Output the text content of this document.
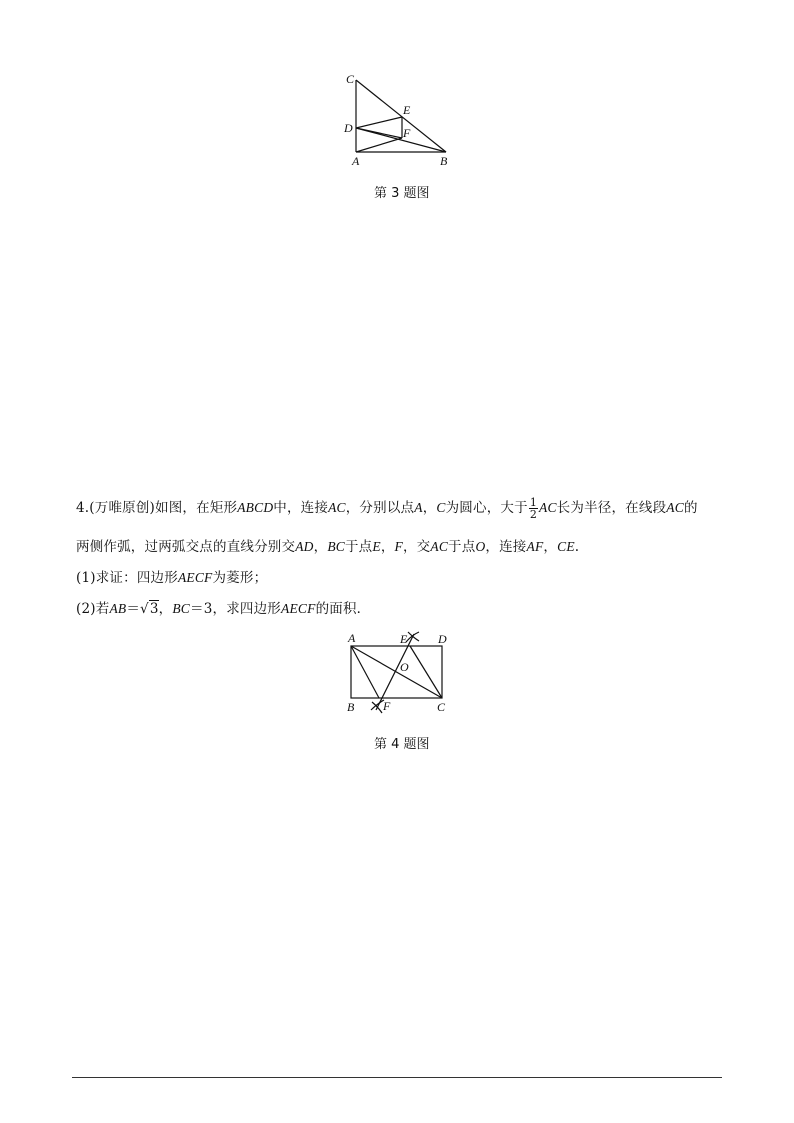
C
D
A	B
E
F
第 3 题图
4.(万唯原创)如图，在矩形ABCD中，连接AC，分别以点A，C为圆心，大于 $\frac{1}{2}$ AC长为半径，在线段AC的
两侧作弧，过两弧交点的直线分别交AD，BC于点E，F，交AC于点O，连接AF，CE.
(1)求证：四边形AECF为菱形；
(2)若AB＝√3，BC＝3，求四边形AECF的面积．
A	E	D
O
B F	C
第 4 题图
